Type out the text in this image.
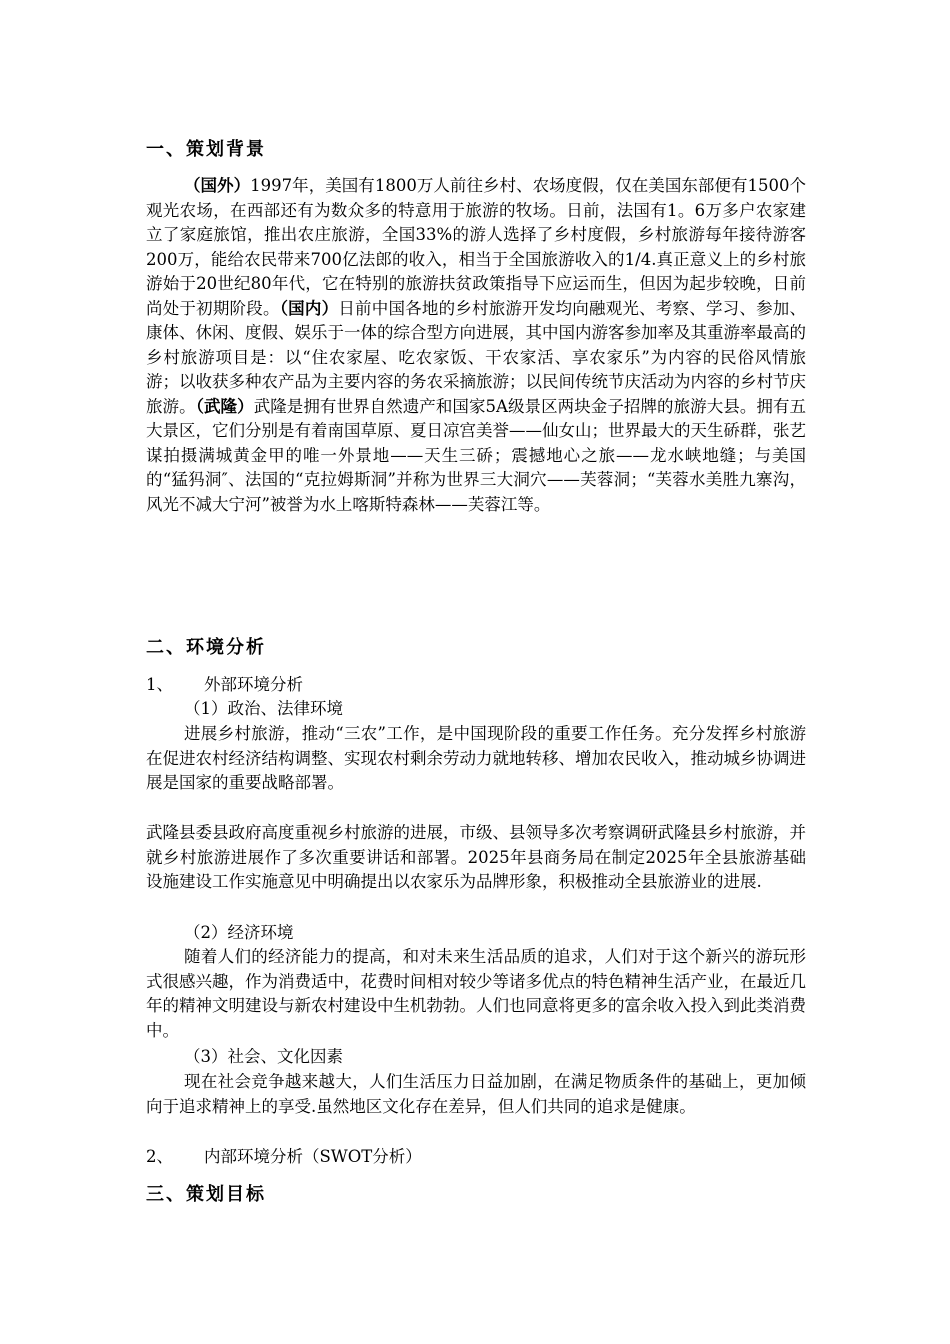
一、策划背景

（国外）1997年，美国有1800万人前往乡村、农场度假，仅在美国东部便有1500个观光农场，在西部还有为数众多的特意用于旅游的牧场。日前，法国有1。6万多户农家建立了家庭旅馆，推出农庄旅游，全国33%的游人选择了乡村度假，乡村旅游每年接待游客200万，能给农民带来700亿法郎的收入，相当于全国旅游收入的1/4.真正意义上的乡村旅游始于20世纪80年代，它在特别的旅游扶贫政策指导下应运而生，但因为起步较晚，日前尚处于初期阶段。（国内）日前中国各地的乡村旅游开发均向融观光、考察、学习、参加、康体、休闲、度假、娱乐于一体的综合型方向进展，其中国内游客参加率及其重游率最高的乡村旅游项目是：以“住农家屋、吃农家饭、干农家活、享农家乐”为内容的民俗风情旅游；以收获多种农产品为主要内容的务农采摘旅游；以民间传统节庆活动为内容的乡村节庆旅游。（武隆）武隆是拥有世界自然遗产和国家5A级景区两块金子招牌的旅游大县。拥有五大景区，它们分别是有着南国草原、夏日凉宫美誉——仙女山；世界最大的天生硚群，张艺谋拍摄满城黄金甲的唯一外景地——天生三硚；震撼地心之旅——龙水峡地缝；与美国的“猛犸洞″、法国的“克拉姆斯洞”并称为世界三大洞穴——芙蓉洞；“芙蓉水美胜九寨沟，风光不减大宁河”被誉为水上喀斯特森林——芙蓉江等。

二、环境分析

1、 外部环境分析

（1）政治、法律环境

进展乡村旅游，推动“三农”工作，是中国现阶段的重要工作任务。充分发挥乡村旅游在促进农村经济结构调整、实现农村剩余劳动力就地转移、增加农民收入，推动城乡协调进展是国家的重要战略部署。

武隆县委县政府高度重视乡村旅游的进展，市级、县领导多次考察调研武隆县乡村旅游，并就乡村旅游进展作了多次重要讲话和部署。2025年县商务局在制定2025年全县旅游基础设施建设工作实施意见中明确提出以农家乐为品牌形象，积极推动全县旅游业的进展.

（2）经济环境

随着人们的经济能力的提高，和对未来生活品质的追求，人们对于这个新兴的游玩形式很感兴趣，作为消费适中，花费时间相对较少等诸多优点的特色精神生活产业，在最近几年的精神文明建设与新农村建设中生机勃勃。人们也同意将更多的富余收入投入到此类消费中。

（3）社会、文化因素

现在社会竞争越来越大，人们生活压力日益加剧，在满足物质条件的基础上，更加倾向于追求精神上的享受.虽然地区文化存在差异，但人们共同的追求是健康。

2、 内部环境分析（SWOT分析）

三、策划目标
